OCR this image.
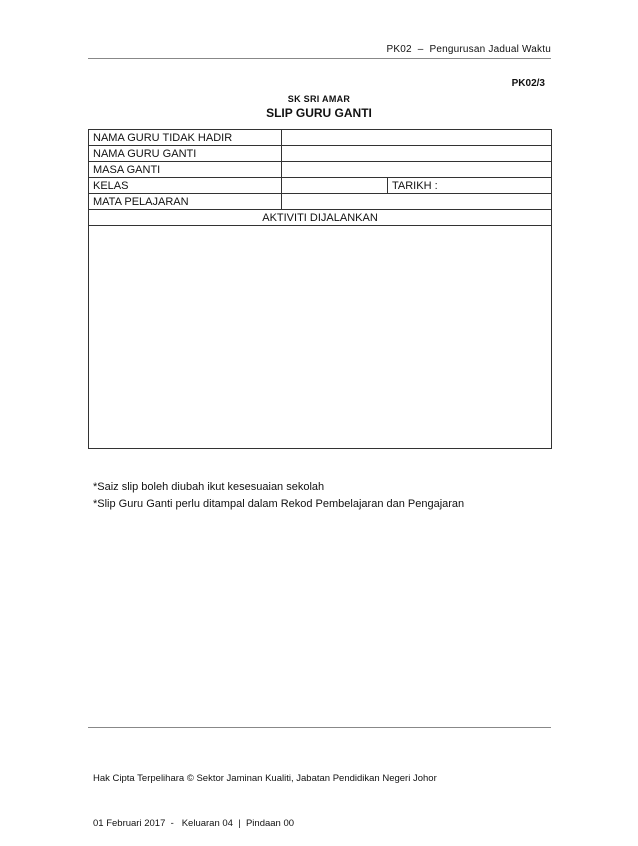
PK02  –  Pengurusan Jadual Waktu
PK02/3
SK SRI AMAR
SLIP GURU GANTI
NAMA GURU TIDAK HADIR		
NAMA GURU GANTI		
MASA GANTI		
KELAS		TARIKH :
MATA PELAJARAN		
AKTIVITI DIJALANKAN		

*Saiz slip boleh diubah ikut kesesuaian sekolah
*Slip Guru Ganti perlu ditampal dalam Rekod Pembelajaran dan Pengajaran

Hak Cipta Terpelihara © Sektor Jaminan Kualiti, Jabatan Pendidikan Negeri Johor

01 Februari 2017  -   Keluaran 04  |  Pindaan 00
